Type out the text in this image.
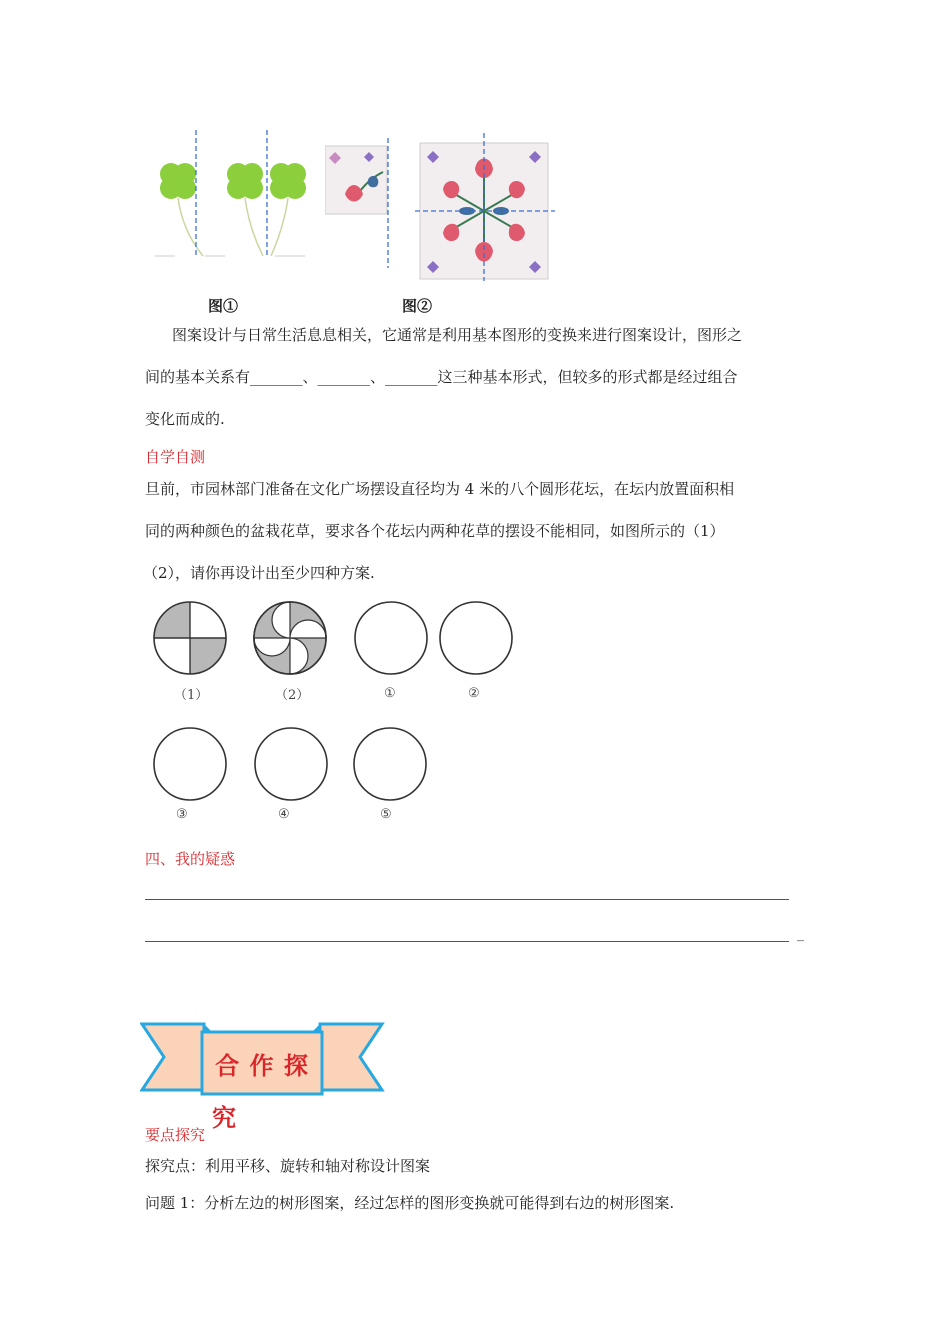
图①	图②
图案设计与日常生活息息相关，它通常是利用基本图形的变换来进行图案设计，图形之
间的基本关系有_______、_______、_______这三种基本形式，但较多的形式都是经过组合
变化而成的.
自学自测
旦前，市园林部门准备在文化广场摆设直径均为 4 米的八个圆形花坛，在坛内放置面积相
同的两种颜色的盆栽花草，要求各个花坛内两种花草的摆设不能相同，如图所示的（1）
（2），请你再设计出至少四种方案.
（1）	（2）	①	②
③	④	⑤
四、我的疑惑
_
合 作 探
究
要点探究
探究点：利用平移、旋转和轴对称设计图案
问题 1：分析左边的树形图案，经过怎样的图形变换就可能得到右边的树形图案.
